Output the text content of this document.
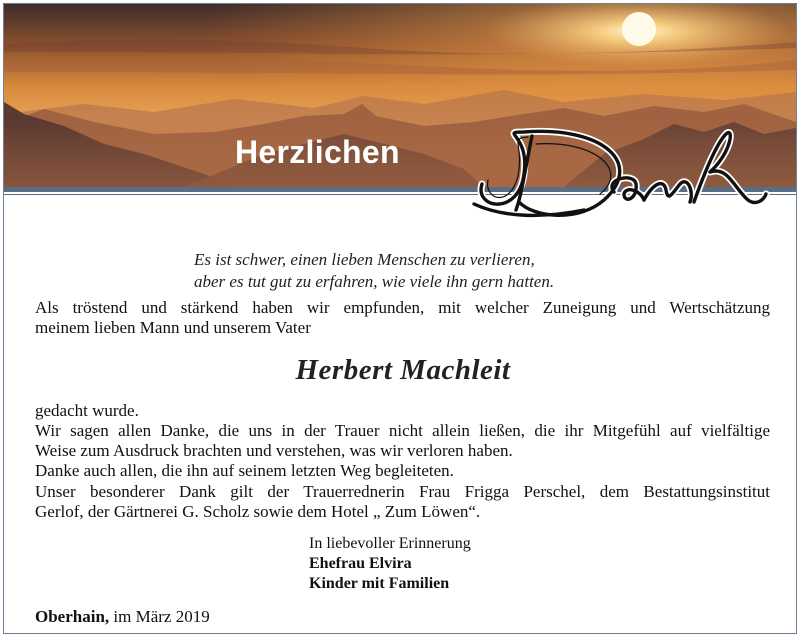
Herzlichen
Es ist schwer, einen lieben Menschen zu verlieren,
aber es tut gut zu erfahren, wie viele ihn gern hatten.
Als tröstend und stärkend haben wir empfunden, mit welcher Zuneigung und Wertschätzung
meinem lieben Mann und unserem Vater
Herbert Machleit
gedacht wurde.
Wir sagen allen Danke, die uns in der Trauer nicht allein ließen, die ihr Mitgefühl auf vielfältige
Weise zum Ausdruck brachten und verstehen, was wir verloren haben.
Danke auch allen, die ihn auf seinem letzten Weg begleiteten.
Unser besonderer Dank gilt der Trauerrednerin Frau Frigga Perschel, dem Bestattungsinstitut
Gerlof, der Gärtnerei G. Scholz sowie dem Hotel „ Zum Löwen“.
In liebevoller Erinnerung
Ehefrau Elvira
Kinder mit Familien
Oberhain, im März 2019
